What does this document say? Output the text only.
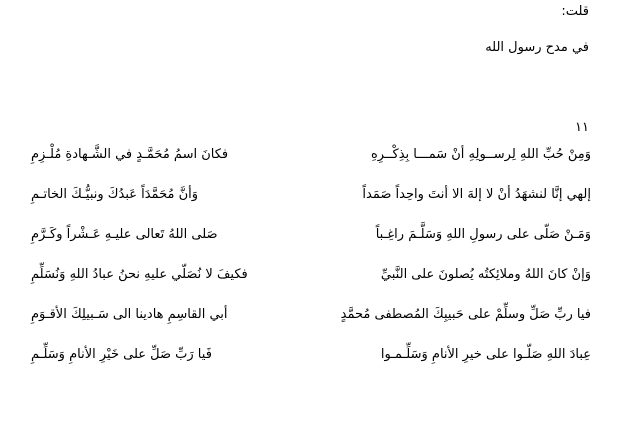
قلت:
في مدح رسول الله
١١
وَمِنْ حُبِّ اللهِ لِرســولِهِ أنْ سَمـــا بِذِكْــرِهِ
فكانَ اسمُ مُحَمَّـدٍ في الشَّـهادةِ مُلْـزِمِ
إلهي إنَّا لنشهَدُ أنْ لا إلهَ الا أنتَ واحِداً صَمَداً
وَأنَّ مُحَمَّدَاً عَبدُكَ ونبيُّـكَ الخاتـمِ
وَمَـنْ صَلّى على رسولِ اللهِ وَسَلَّـمَ راغِـباً
صَلى اللهُ تَعالى عليـهِ عَـشْراً وكَـرَّمِ
وَإنْ كانَ اللهُ وملائِكتُه يُصلونَ على النَّبيِّ
فكيفَ لا نُصَلّي عليهِ نحنُ عبادُ اللهِ وَنُسَلِّمِ
فيا ربِّ صَلِّ وسلِّمْ على حَبيبِكَ المُصطفى مُحمَّدٍ
أبي القاسِمِ هادينا الى سَـبيلِكَ الأقـوَمِ
عِبادَ اللهِ صَلّـوا على خيرِ الأنامِ وَسَلِّـمـوا
فَيا رَبِّ صَلِّ على خَيْرِ الأنامِ وَسَلِّـمِ
